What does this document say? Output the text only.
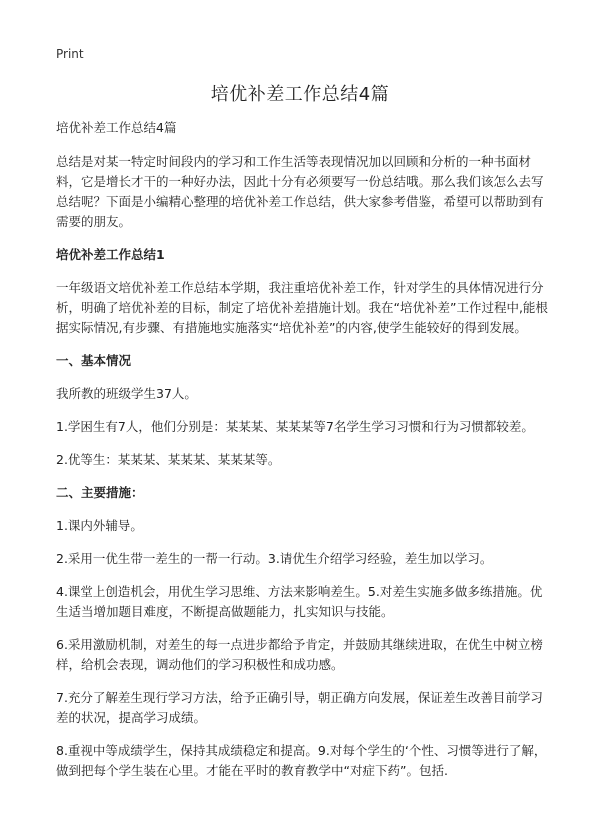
Print
培优补差工作总结4篇

培优补差工作总结4篇

总结是对某一特定时间段内的学习和工作生活等表现情况加以回顾和分析的一种书面材料，它是增长才干的一种好办法，因此十分有必须要写一份总结哦。那么我们该怎么去写总结呢？下面是小编精心整理的培优补差工作总结，供大家参考借鉴，希望可以帮助到有需要的朋友。

培优补差工作总结1

一年级语文培优补差工作总结本学期，我注重培优补差工作，针对学生的具体情况进行分析，明确了培优补差的目标，制定了培优补差措施计划。我在“培优补差”工作过程中,能根据实际情况,有步骤、有措施地实施落实“培优补差”的内容,使学生能较好的得到发展。

一、基本情况

我所教的班级学生37人。

1.学困生有7人，他们分别是：某某某、某某某等7名学生学习习惯和行为习惯都较差。

2.优等生：某某某、某某某、某某某等。

二、主要措施：

1.课内外辅导。

2.采用一优生带一差生的一帮一行动。3.请优生介绍学习经验，差生加以学习。

4.课堂上创造机会，用优生学习思维、方法来影响差生。5.对差生实施多做多练措施。优生适当增加题目难度，不断提高做题能力，扎实知识与技能。

6.采用激励机制，对差生的每一点进步都给予肯定，并鼓励其继续进取，在优生中树立榜样，给机会表现，调动他们的学习积极性和成功感。

7.充分了解差生现行学习方法，给予正确引导，朝正确方向发展，保证差生改善目前学习差的状况，提高学习成绩。

8.重视中等成绩学生，保持其成绩稳定和提高。9.对每个学生的‘个性、习惯等进行了解，做到把每个学生装在心里。才能在平时的教育教学中“对症下药”。包括.
